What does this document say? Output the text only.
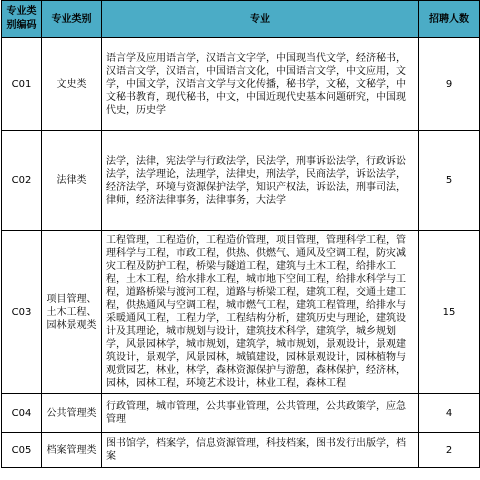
专业类别编码	专业类别	专业	招聘人数
C01	文史类	语言学及应用语言学，汉语言文字学，中国现当代文学，经济秘书，汉语言文学，汉语言，中国语言文化，中国语言文学，中文应用，文学，中国文学，汉语言文学与文化传播，秘书学，文秘，文秘学，中文秘书教育，现代秘书，中文，中国近现代史基本问题研究，中国现代史，历史学	9
C02	法律类	法学，法律，宪法学与行政法学，民法学，刑事诉讼法学，行政诉讼法学，法学理论，法理学，法律史，刑法学，民商法学，诉讼法学，经济法学，环境与资源保护法学，知识产权法，诉讼法，刑事司法，律师，经济法律事务，法律事务，大法学	5
C03	项目管理、土木工程、园林景观类	工程管理，工程造价，工程造价管理，项目管理，管理科学工程，管理科学与工程，市政工程，供热、供燃气、通风及空调工程，防灾减灾工程及防护工程，桥梁与隧道工程，建筑与土木工程，给排水工程，土木工程，给水排水工程，城市地下空间工程，给排水科学与工程，道路桥梁与渡河工程，道路与桥梁工程，建筑工程，交通土建工程，供热通风与空调工程，城市燃气工程，建筑工程管理，给排水与采暖通风工程，工程力学，工程结构分析，建筑历史与理论，建筑设计及其理论，城市规划与设计，建筑技术科学，建筑学，城乡规划学，风景园林学，城市规划，建筑学，城市规划，景观设计，景观建筑设计，景观学，风景园林，城镇建设，园林景观设计，园林植物与观赏园艺，林业，林学，森林资源保护与游憩，森林保护，经济林，园林，园林工程，环境艺术设计，林业工程，森林工程	15
C04	公共管理类	行政管理，城市管理，公共事业管理，公共管理，公共政策学，应急管理	4
C05	档案管理类	图书馆学，档案学，信息资源管理，科技档案，图书发行出版学，档案	2
